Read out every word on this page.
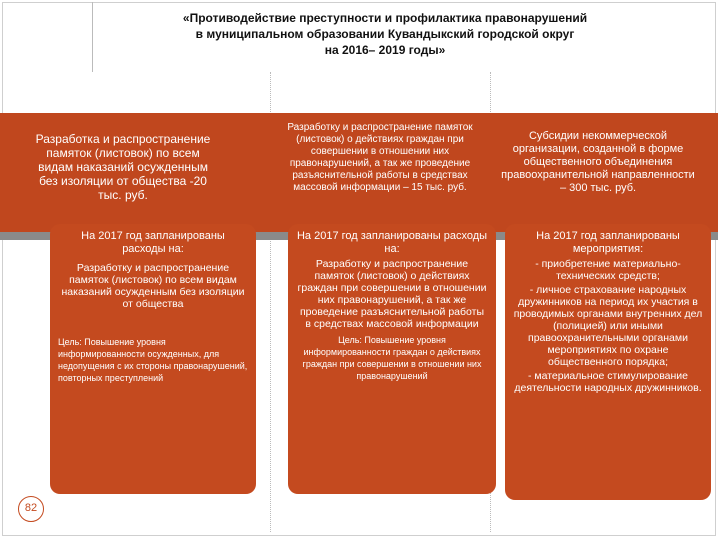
«Противодействие преступности и профилактика правонарушений
в муниципальном образовании Кувандыкский городской округ
на 2016– 2019 годы»
Разработка и распространение памяток (листовок) по всем видам наказаний осужденным без изоляции от общества -20 тыс. руб.
Разработку и распространение памяток (листовок) о действиях граждан при совершении в отношении них правонарушений, а так же проведение разъяснительной работы в средствах массовой информации – 15 тыс. руб.
Субсидии некоммерческой организации, созданной в форме общественного объединения правоохранительной направленности – 300 тыс. руб.

На 2017 год запланированы расходы на:

Разработку и распространение памяток (листовок) по всем видам наказаний осужденным без изоляции от общества

Цель: Повышение уровня информированности осужденных, для недопущения с их стороны правонарушений, повторных преступлений

На 2017 год запланированы расходы на:

Разработку и распространение памяток (листовок) о действиях граждан при совершении в отношении них правонарушений, а так же проведение разъяснительной работы в средствах массовой информации

Цель: Повышение уровня информированности граждан о действиях граждан при совершении в отношении них правонарушений

На 2017 год запланированы мероприятия:

- приобретение материально-технических средств;

- личное страхование народных дружинников на период их участия в проводимых органами внутренних дел (полицией) или иными правоохранительными органами мероприятиях по охране общественного порядка;

- материальное стимулирование деятельности народных дружинников.

82
